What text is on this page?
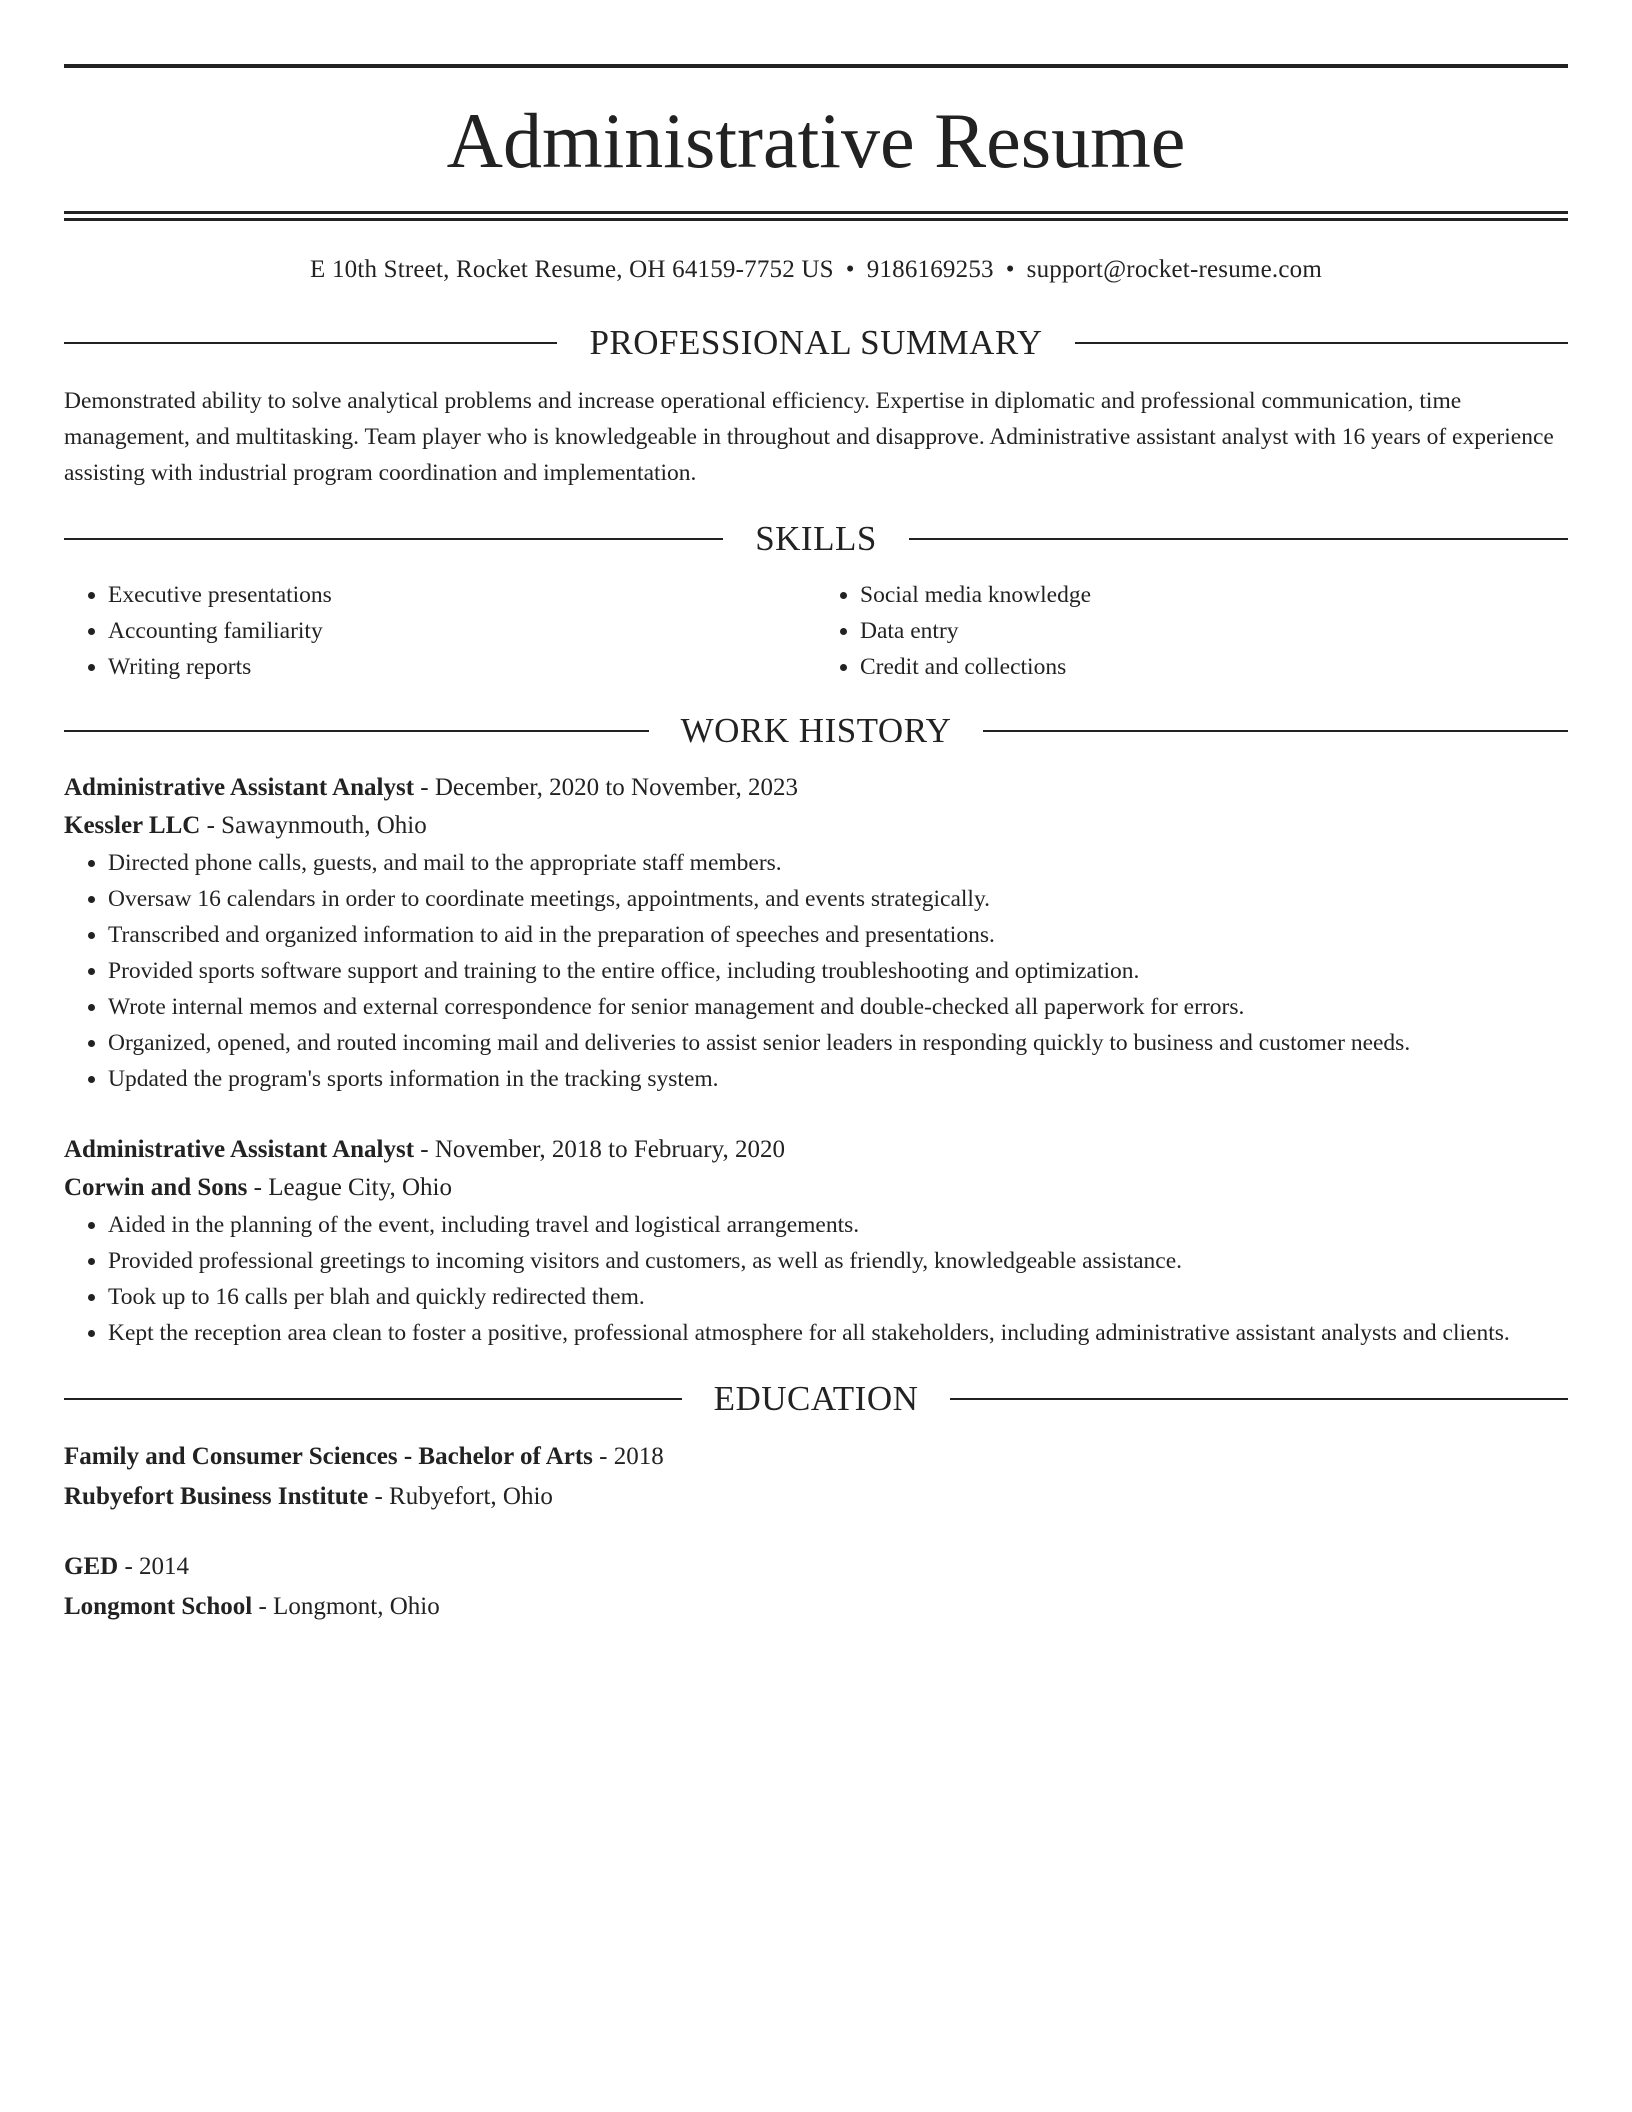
Administrative Resume
E 10th Street, Rocket Resume, OH 64159-7752 US • 9186169253 • support@rocket-resume.com
PROFESSIONAL SUMMARY
Demonstrated ability to solve analytical problems and increase operational efficiency. Expertise in diplomatic and professional communication, time management, and multitasking. Team player who is knowledgeable in throughout and disapprove. Administrative assistant analyst with 16 years of experience assisting with industrial program coordination and implementation.
SKILLS
• Executive presentations
• Accounting familiarity
• Writing reports
• Social media knowledge
• Data entry
• Credit and collections
WORK HISTORY
Administrative Assistant Analyst - December, 2020 to November, 2023
Kessler LLC - Sawaynmouth, Ohio
• Directed phone calls, guests, and mail to the appropriate staff members.
• Oversaw 16 calendars in order to coordinate meetings, appointments, and events strategically.
• Transcribed and organized information to aid in the preparation of speeches and presentations.
• Provided sports software support and training to the entire office, including troubleshooting and optimization.
• Wrote internal memos and external correspondence for senior management and double-checked all paperwork for errors.
• Organized, opened, and routed incoming mail and deliveries to assist senior leaders in responding quickly to business and customer needs.
• Updated the program's sports information in the tracking system.
Administrative Assistant Analyst - November, 2018 to February, 2020
Corwin and Sons - League City, Ohio
• Aided in the planning of the event, including travel and logistical arrangements.
• Provided professional greetings to incoming visitors and customers, as well as friendly, knowledgeable assistance.
• Took up to 16 calls per blah and quickly redirected them.
• Kept the reception area clean to foster a positive, professional atmosphere for all stakeholders, including administrative assistant analysts and clients.
EDUCATION
Family and Consumer Sciences - Bachelor of Arts - 2018
Rubyefort Business Institute - Rubyefort, Ohio
GED - 2014
Longmont School - Longmont, Ohio
